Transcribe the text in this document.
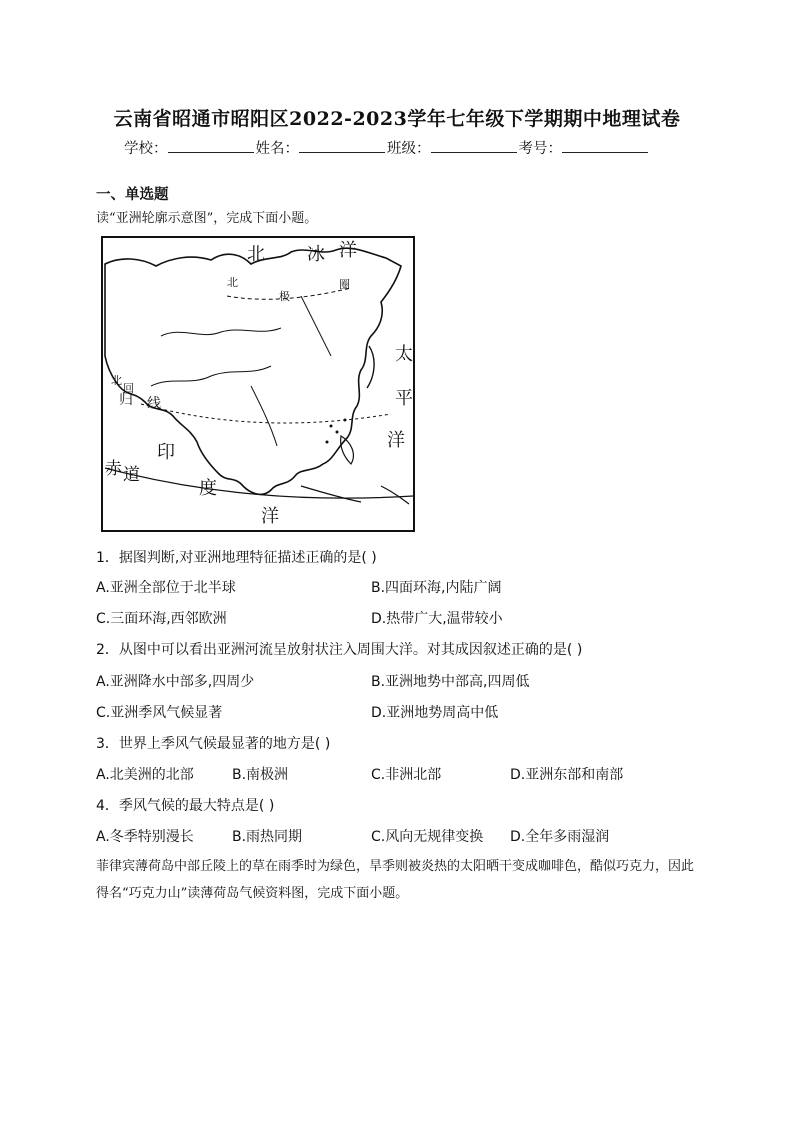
云南省昭通市昭阳区2022-2023学年七年级下学期期中地理试卷
学校：	姓名：	班级：	考号：
一、单选题
读“亚洲轮廓示意图”，完成下面小题。
北 冰 洋
北
极
圈
太
平
洋
北
回
归 线
赤 道
印
度
洋
1．据图判断,对亚洲地理特征描述正确的是( )
A.亚洲全部位于北半球	B.四面环海,内陆广阔
C.三面环海,西邻欧洲	D.热带广大,温带较小
2．从图中可以看出亚洲河流呈放射状注入周围大洋。对其成因叙述正确的是( )
A.亚洲降水中部多,四周少	B.亚洲地势中部高,四周低
C.亚洲季风气候显著	D.亚洲地势周高中低
3．世界上季风气候最显著的地方是( )
A.北美洲的北部	B.南极洲	C.非洲北部	D.亚洲东部和南部
4．季风气候的最大特点是( )
A.冬季特别漫长	B.雨热同期	C.风向无规律变换 D.全年多雨湿润
菲律宾薄荷岛中部丘陵上的草在雨季时为绿色，旱季则被炎热的太阳晒干变成咖啡色，酷似巧克力，因此得名“巧克力山”读薄荷岛气候资料图，完成下面小题。
